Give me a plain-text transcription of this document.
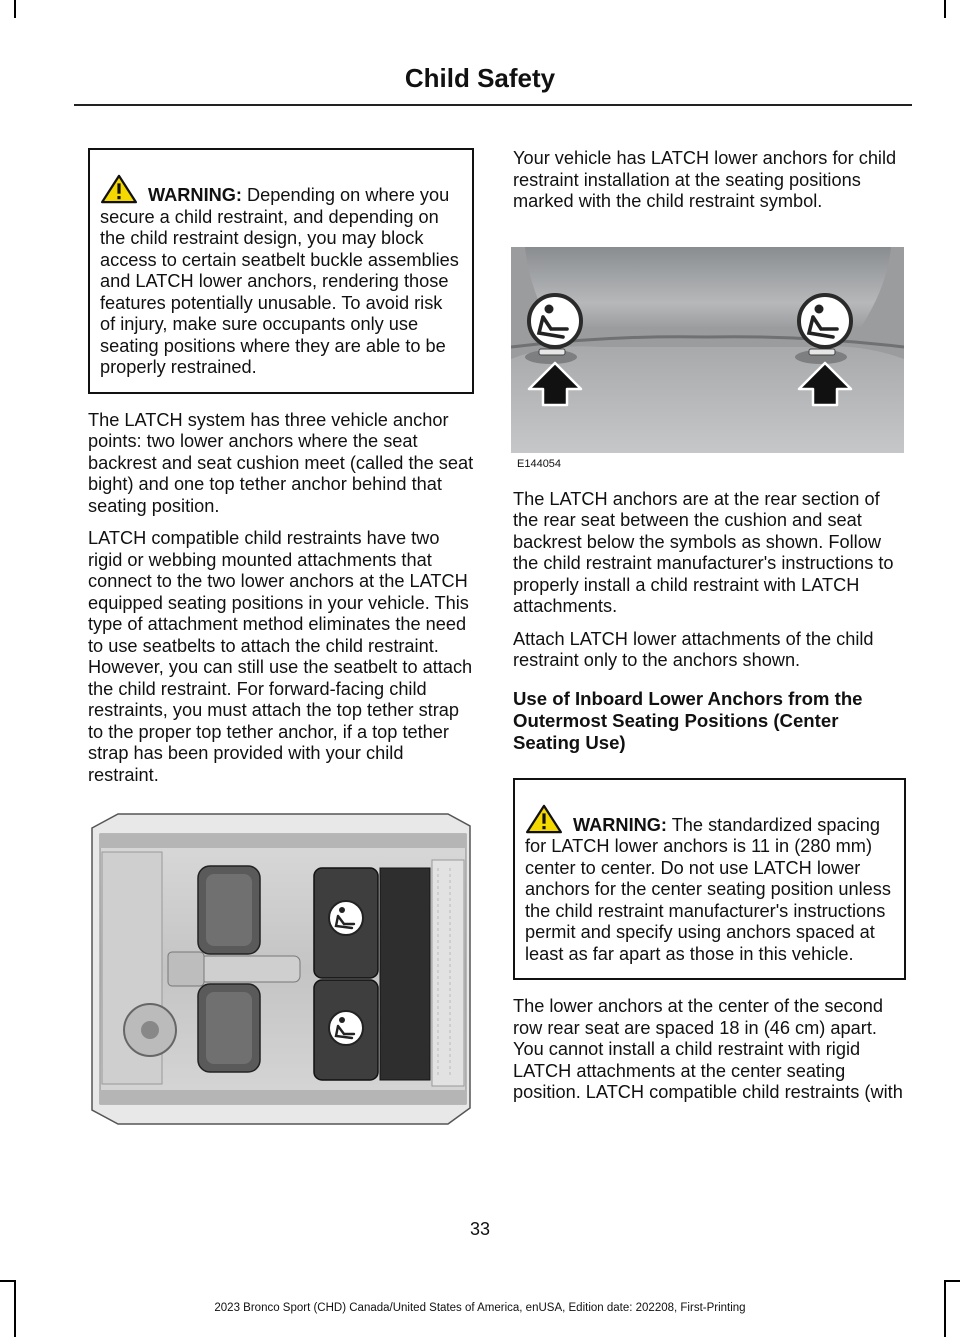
Child Safety
WARNING: Depending on where you secure a child restraint, and depending on the child restraint design, you may block access to certain seatbelt buckle assemblies and LATCH lower anchors, rendering those features potentially unusable. To avoid risk of injury, make sure occupants only use seating positions where they are able to be properly restrained.

The LATCH system has three vehicle anchor points: two lower anchors where the seat backrest and seat cushion meet (called the seat bight) and one top tether anchor behind that seating position.

LATCH compatible child restraints have two rigid or webbing mounted attachments that connect to the two lower anchors at the LATCH equipped seating positions in your vehicle. This type of attachment method eliminates the need to use seatbelts to attach the child restraint. However, you can still use the seatbelt to attach the child restraint. For forward-facing child restraints, you must attach the top tether strap to the proper top tether anchor, if a top tether strap has been provided with your child restraint.

Your vehicle has LATCH lower anchors for child restraint installation at the seating positions marked with the child restraint symbol.

E144054

The LATCH anchors are at the rear section of the rear seat between the cushion and seat backrest below the symbols as shown. Follow the child restraint manufacturer's instructions to properly install a child restraint with LATCH attachments.

Attach LATCH lower attachments of the child restraint only to the anchors shown.

Use of Inboard Lower Anchors from the Outermost Seating Positions (Center Seating Use)
WARNING: The standardized spacing for LATCH lower anchors is 11 in (280 mm) center to center. Do not use LATCH lower anchors for the center seating position unless the child restraint manufacturer's instructions permit and specify using anchors spaced at least as far apart as those in this vehicle.

The lower anchors at the center of the second row rear seat are spaced 18 in (46 cm) apart. You cannot install a child restraint with rigid LATCH attachments at the center seating position. LATCH compatible child restraints (with

33
2023 Bronco Sport (CHD) Canada/United States of America, enUSA, Edition date: 202208, First-Printing
